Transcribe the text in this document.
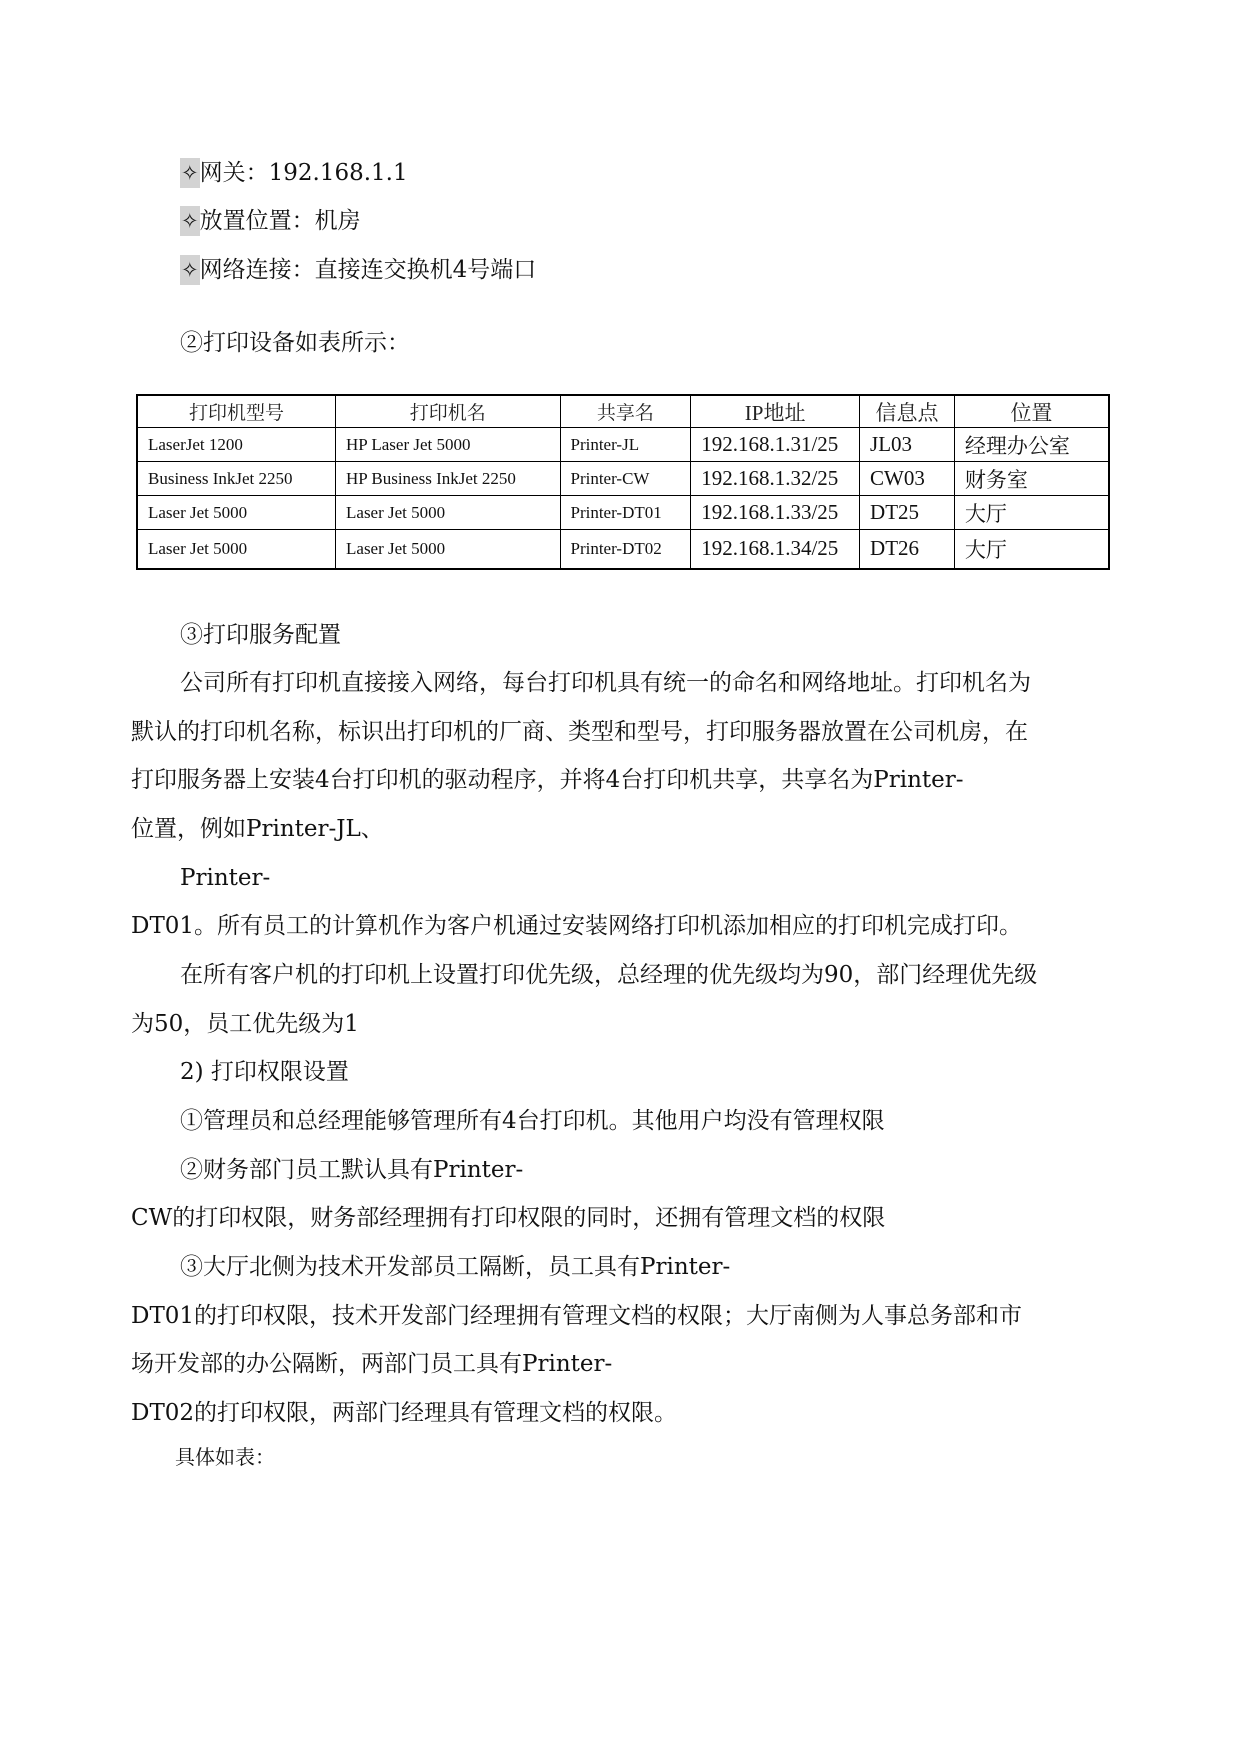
✧网关：192.168.1.1
✧放置位置：机房
✧网络连接：直接连交换机4号端口
②打印设备如表所示：
打印机型号	打印机名	共享名	IP地址	信息点	位置
LaserJet 1200	HP Laser Jet 5000	Printer-JL	192.168.1.31/25	JL03	经理办公室
Business InkJet 2250	HP Business InkJet 2250	Printer-CW	192.168.1.32/25	CW03	财务室
Laser Jet 5000	Laser Jet 5000	Printer-DT01	192.168.1.33/25	DT25	大厅
Laser Jet 5000	Laser Jet 5000	Printer-DT02	192.168.1.34/25	DT26	大厅
③打印服务配置
公司所有打印机直接接入网络，每台打印机具有统一的命名和网络地址。打印机名为
默认的打印机名称，标识出打印机的厂商、类型和型号，打印服务器放置在公司机房，在
打印服务器上安装4台打印机的驱动程序，并将4台打印机共享，共享名为Printer-
位置，例如Printer-JL、
Printer-
DT01。所有员工的计算机作为客户机通过安装网络打印机添加相应的打印机完成打印。
在所有客户机的打印机上设置打印优先级，总经理的优先级均为90，部门经理优先级
为50，员工优先级为1
2) 打印权限设置
①管理员和总经理能够管理所有4台打印机。其他用户均没有管理权限
②财务部门员工默认具有Printer-
CW的打印权限，财务部经理拥有打印权限的同时，还拥有管理文档的权限
③大厅北侧为技术开发部员工隔断，员工具有Printer-
DT01的打印权限，技术开发部门经理拥有管理文档的权限；大厅南侧为人事总务部和市
场开发部的办公隔断，两部门员工具有Printer-
DT02的打印权限，两部门经理具有管理文档的权限。
具体如表：
